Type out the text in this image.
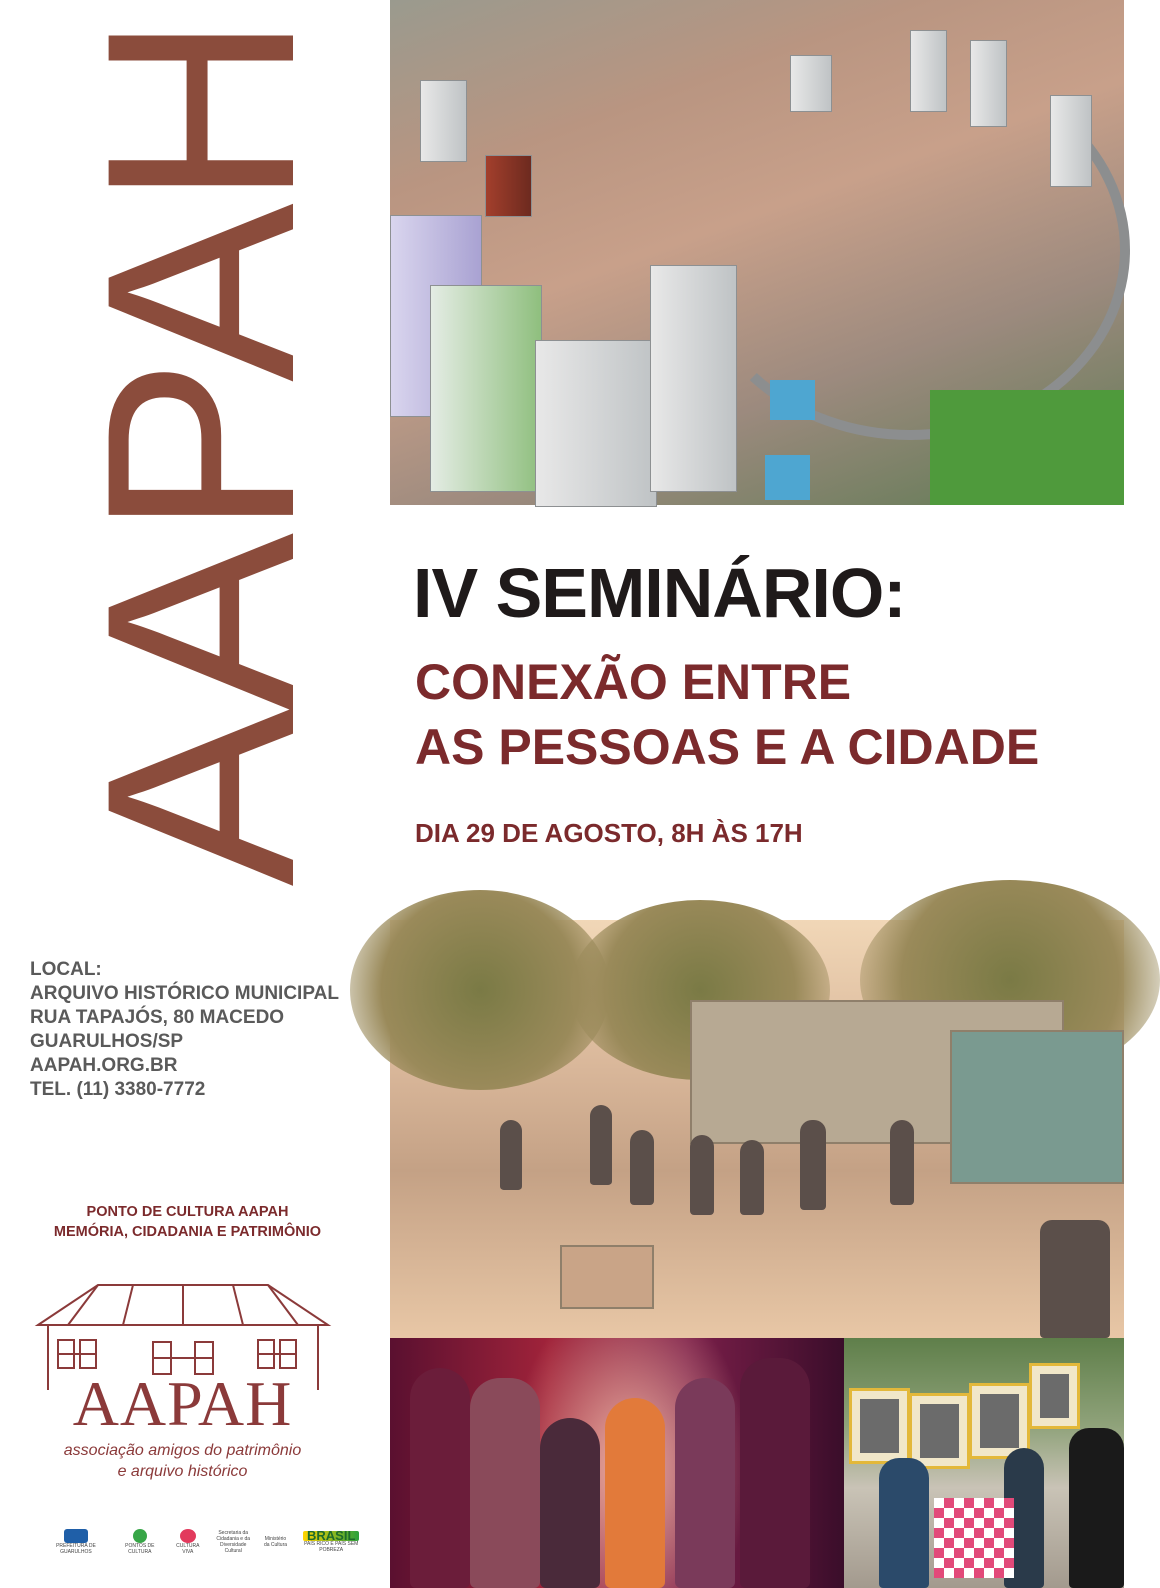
AAPAH IV SEMINÁRIO:
CONEXÃO ENTRE
AS PESSOAS E A CIDADE
DIA 29 DE AGOSTO, 8H ÀS 17H
LOCAL:
ARQUIVO HISTÓRICO MUNICIPAL
RUA TAPAJÓS, 80 MACEDO
GUARULHOS/SP
AAPAH.ORG.BR
TEL. (11) 3380-7772
PONTO DE CULTURA AAPAH
MEMÓRIA, CIDADANIA E PATRIMÔNIO
AAPAH
associação amigos do patrimônio
e arquivo histórico
PREFEITURA DE GUARULHOS
PONTOS DE CULTURA
CULTURA VIVA
Secretaria da Cidadania e da Diversidade Cultural
Ministério da Cultura
BRASIL
PAÍS RICO É PAÍS SEM POBREZA
